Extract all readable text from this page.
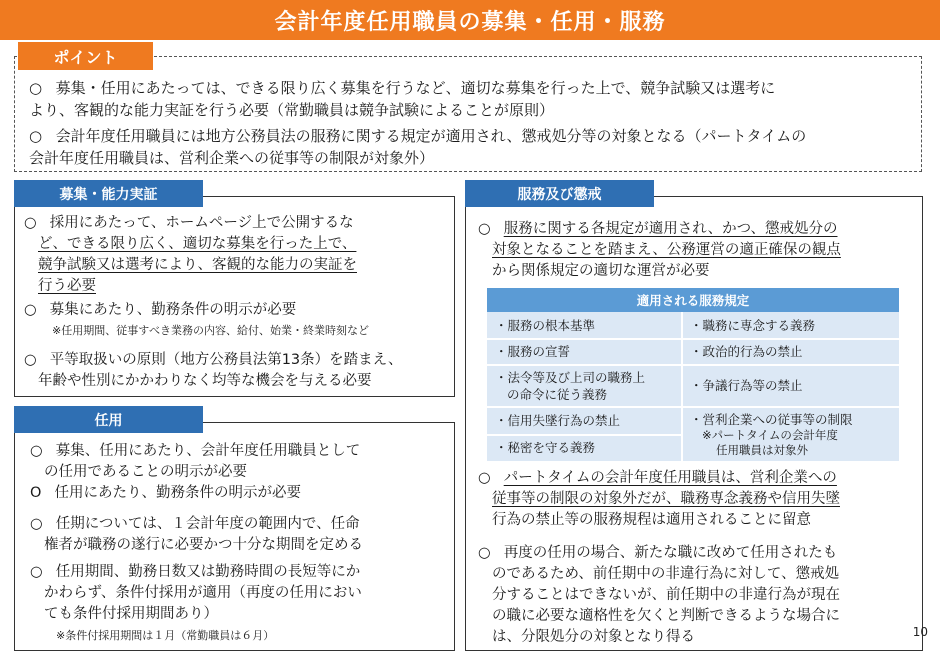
会計年度任用職員の募集・任用・服務
ポイント
○ 募集・任用にあたっては、できる限り広く募集を行うなど、適切な募集を行った上で、競争試験又は選考に
より、客観的な能力実証を行う必要（常勤職員は競争試験によることが原則）
○ 会計年度任用職員には地方公務員法の服務に関する規定が適用され、懲戒処分等の対象となる（パートタイムの
会計年度任用職員は、営利企業への従事等の制限が対象外）
募集・能力実証
○ 採用にあたって、ホームページ上で公開するな
ど、できる限り広く、適切な募集を行った上で、
競争試験又は選考により、客観的な能力の実証を
行う必要
○ 募集にあたり、勤務条件の明示が必要
※任用期間、従事すべき業務の内容、給付、始業・終業時刻など
○ 平等取扱いの原則（地方公務員法第13条）を踏まえ、
年齢や性別にかかわりなく均等な機会を与える必要
任用
○ 募集、任用にあたり、会計年度任用職員として
の任用であることの明示が必要
O 任用にあたり、勤務条件の明示が必要
○ 任期については、１会計年度の範囲内で、任命
権者が職務の遂行に必要かつ十分な期間を定める
○ 任用期間、勤務日数又は勤務時間の長短等にか
かわらず、条件付採用が適用（再度の任用におい
ても条件付採用期間あり）
※条件付採用期間は１月（常勤職員は６月）
服務及び懲戒
○ 服務に関する各規定が適用され、かつ、懲戒処分の
対象となることを踏まえ、公務運営の適正確保の観点
から関係規定の適切な運営が必要
適用される服務規定
・服務の根本基準
・服務の宣誓
・法令等及び上司の職務上
の命令に従う義務
・信用失墜行為の禁止
・秘密を守る義務
・職務に専念する義務
・政治的行為の禁止
・争議行為等の禁止
・営利企業への従事等の制限
※パートタイムの会計年度
任用職員は対象外
○ パートタイムの会計年度任用職員は、営利企業への
従事等の制限の対象外だが、職務専念義務や信用失墜
行為の禁止等の服務規程は適用されることに留意
○ 再度の任用の場合、新たな職に改めて任用されたも
のであるため、前任期中の非違行為に対して、懲戒処
分することはできないが、前任期中の非違行為が現在
の職に必要な適格性を欠くと判断できるような場合に
は、分限処分の対象となり得る	10
